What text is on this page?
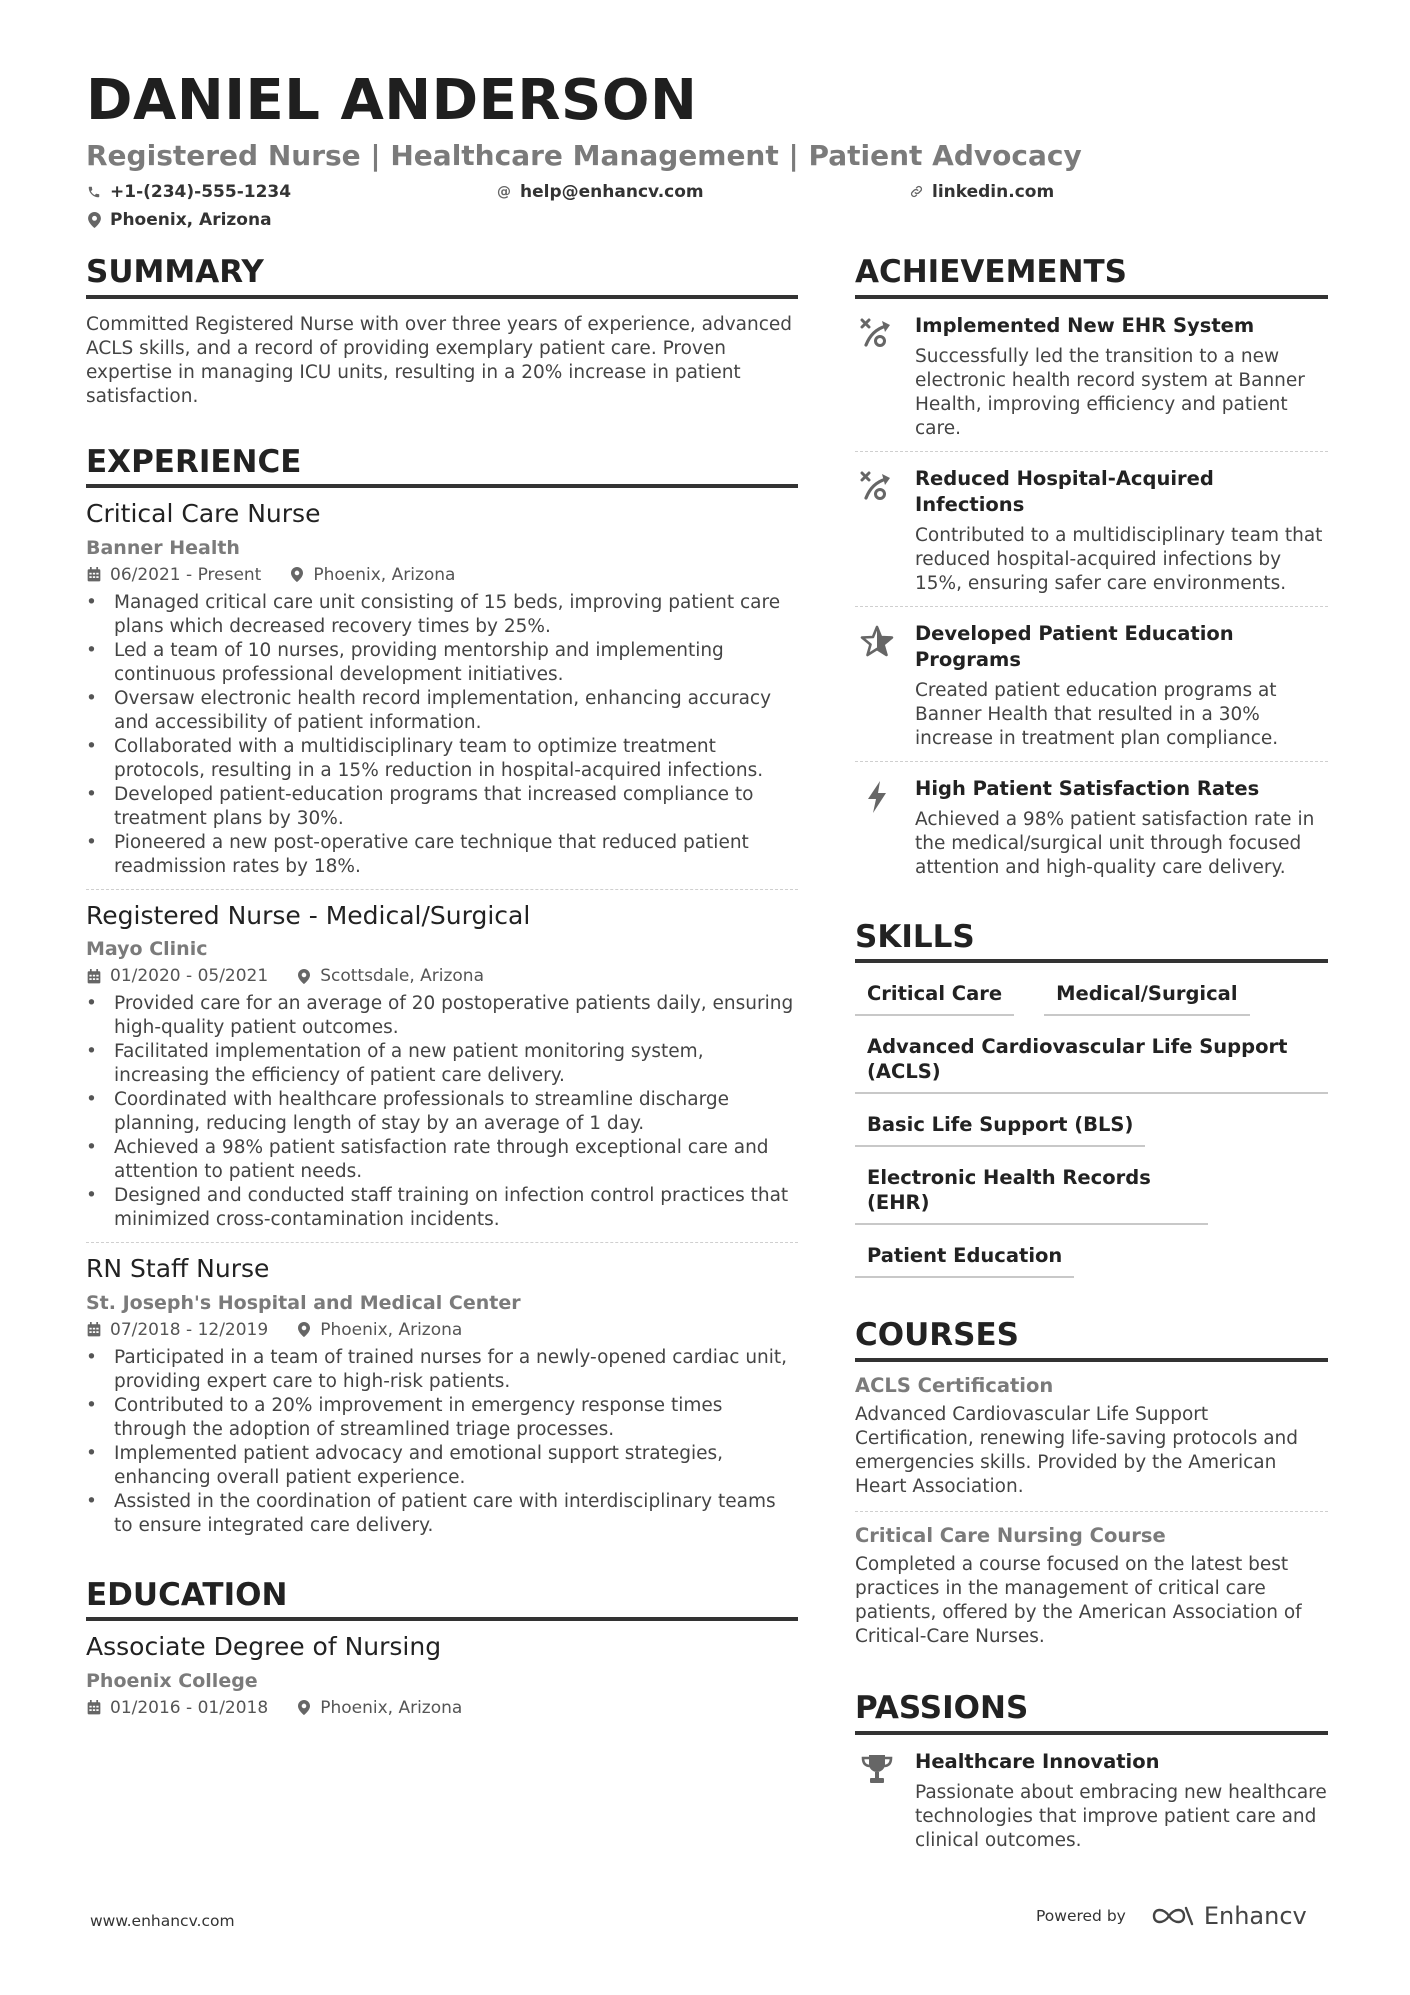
DANIEL ANDERSON
Registered Nurse | Healthcare Management | Patient Advocacy
+1-(234)-555-1234	@ help@enhancv.com	linkedin.com
Phoenix, Arizona
SUMMARY
Committed Registered Nurse with over three years of experience, advanced ACLS skills, and a record of providing exemplary patient care. Proven expertise in managing ICU units, resulting in a 20% increase in patient satisfaction.
EXPERIENCE
Critical Care Nurse
Banner Health
06/2021 - Present	Phoenix, Arizona
• Managed critical care unit consisting of 15 beds, improving patient care plans which decreased recovery times by 25%.
• Led a team of 10 nurses, providing mentorship and implementing continuous professional development initiatives.
• Oversaw electronic health record implementation, enhancing accuracy and accessibility of patient information.
• Collaborated with a multidisciplinary team to optimize treatment protocols, resulting in a 15% reduction in hospital-acquired infections.
• Developed patient-education programs that increased compliance to treatment plans by 30%.
• Pioneered a new post-operative care technique that reduced patient readmission rates by 18%.
Registered Nurse - Medical/Surgical
Mayo Clinic
01/2020 - 05/2021	Scottsdale, Arizona
• Provided care for an average of 20 postoperative patients daily, ensuring high-quality patient outcomes.
• Facilitated implementation of a new patient monitoring system, increasing the efficiency of patient care delivery.
• Coordinated with healthcare professionals to streamline discharge planning, reducing length of stay by an average of 1 day.
• Achieved a 98% patient satisfaction rate through exceptional care and attention to patient needs.
• Designed and conducted staff training on infection control practices that minimized cross-contamination incidents.
RN Staff Nurse
St. Joseph's Hospital and Medical Center
07/2018 - 12/2019	Phoenix, Arizona
• Participated in a team of trained nurses for a newly-opened cardiac unit, providing expert care to high-risk patients.
• Contributed to a 20% improvement in emergency response times through the adoption of streamlined triage processes.
• Implemented patient advocacy and emotional support strategies, enhancing overall patient experience.
• Assisted in the coordination of patient care with interdisciplinary teams to ensure integrated care delivery.
EDUCATION
Associate Degree of Nursing
Phoenix College
01/2016 - 01/2018	Phoenix, Arizona
ACHIEVEMENTS
Implemented New EHR System
Successfully led the transition to a new electronic health record system at Banner Health, improving efficiency and patient care.
Reduced Hospital-Acquired Infections
Contributed to a multidisciplinary team that reduced hospital-acquired infections by 15%, ensuring safer care environments.
Developed Patient Education Programs
Created patient education programs at Banner Health that resulted in a 30% increase in treatment plan compliance.
High Patient Satisfaction Rates
Achieved a 98% patient satisfaction rate in the medical/surgical unit through focused attention and high-quality care delivery.
SKILLS
Critical Care	Medical/Surgical
Advanced Cardiovascular Life Support (ACLS)
Basic Life Support (BLS)
Electronic Health Records (EHR)
Patient Education
COURSES
ACLS Certification
Advanced Cardiovascular Life Support Certification, renewing life-saving protocols and emergencies skills. Provided by the American Heart Association.
Critical Care Nursing Course
Completed a course focused on the latest best practices in the management of critical care patients, offered by the American Association of Critical-Care Nurses.
PASSIONS
Healthcare Innovation
Passionate about embracing new healthcare technologies that improve patient care and clinical outcomes.
www.enhancv.com	Powered by	Enhancv
